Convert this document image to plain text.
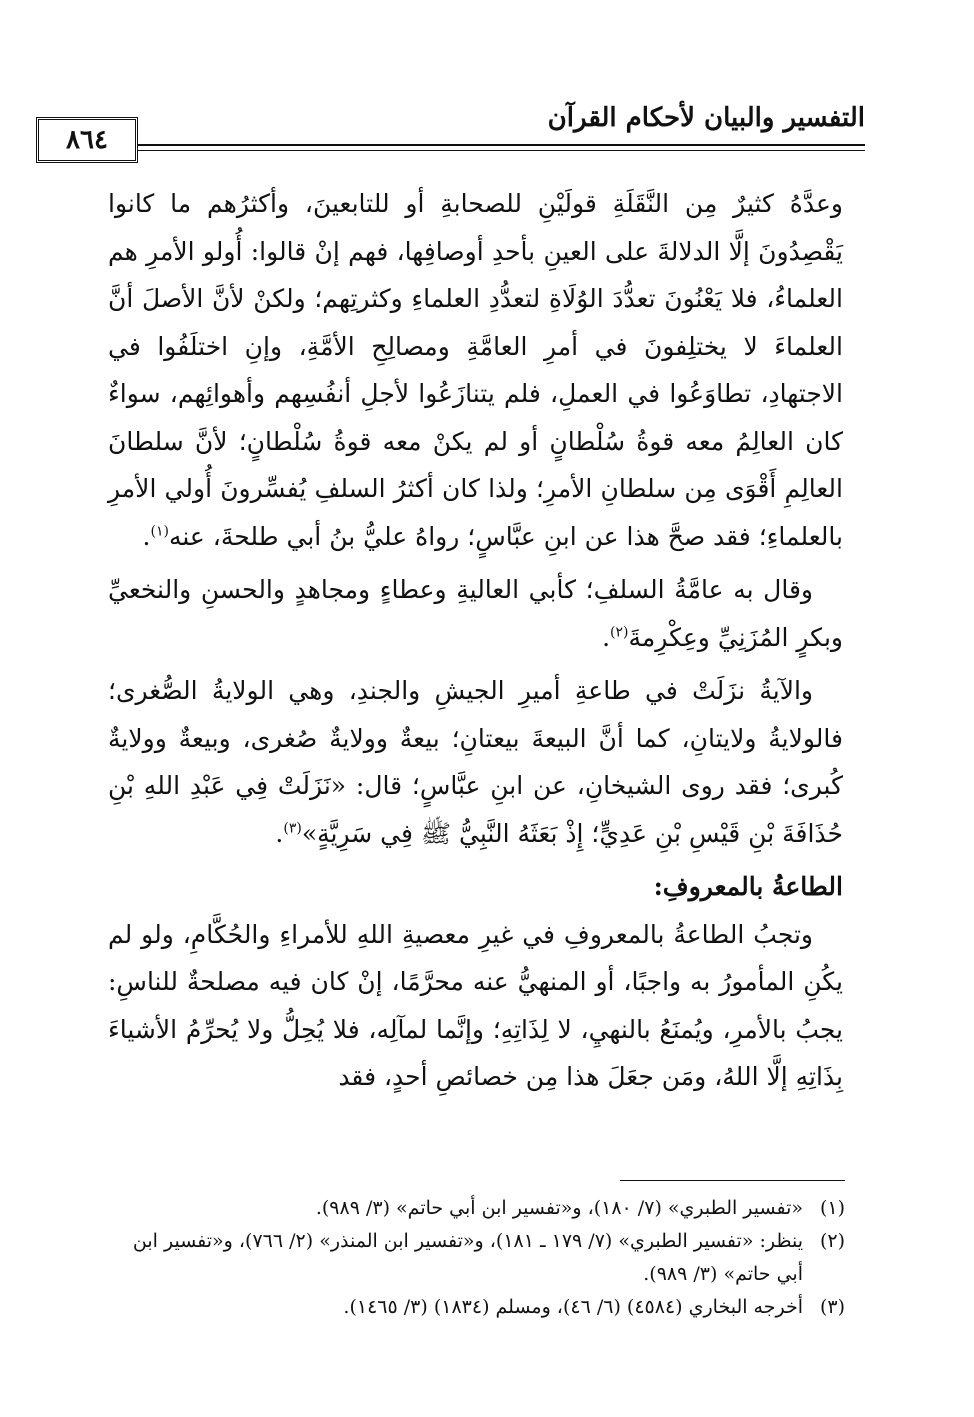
التفسير والبيان لأحكام القرآن
٨٦٤

وعدَّهُ كثيرٌ مِن النَّقَلَةِ قولَيْنِ للصحابةِ أو للتابعينَ، وأكثرُهم ما كانوا يَقْصِدُونَ إلَّا الدلالةَ على العينِ بأحدِ أوصافِها، فهم إنْ قالوا: أُولو الأمرِ هم العلماءُ، فلا يَعْنُونَ تعدُّدَ الوُلَاةِ لتعدُّدِ العلماءِ وكثرتِهم؛ ولكنْ لأنَّ الأصلَ أنَّ العلماءَ لا يختلِفونَ في أمرِ العامَّةِ ومصالِحِ الأمَّةِ، وإنِ اختلَفُوا في الاجتهادِ، تطاوَعُوا في العملِ، فلم يتنازَعُوا لأجلِ أنفُسِهم وأهوائِهم، سواءٌ كان العالِمُ معه قوةُ سُلْطانٍ أو لم يكنْ معه قوةُ سُلْطانٍ؛ لأنَّ سلطانَ العالِمِ أَقْوَى مِن سلطانِ الأمرِ؛ ولذا كان أكثرُ السلفِ يُفسِّرونَ أُولي الأمرِ بالعلماءِ؛ فقد صحَّ هذا عن ابنِ عبَّاسٍ؛ رواهُ عليُّ بنُ أبي طلحةَ، عنه$^{(١)}$.

وقال به عامَّةُ السلفِ؛ كأبي العاليةِ وعطاءٍ ومجاهدٍ والحسنِ والنخعيِّ وبكرٍ المُزَنِيِّ وعِكْرِمةَ$^{(٢)}$.

والآيةُ نزَلَتْ في طاعةِ أميرِ الجيشِ والجندِ، وهي الولايةُ الصُّغرى؛ فالولايةُ ولايتانِ، كما أنَّ البيعةَ بيعتانِ؛ بيعةٌ وولايةٌ صُغرى، وبيعةٌ وولايةٌ كُبرى؛ فقد روى الشيخانِ، عن ابنِ عبَّاسٍ؛ قال: «نَزَلَتْ فِي عَبْدِ اللهِ بْنِ حُذَافَةَ بْنِ قَيْسِ بْنِ عَدِيٍّ؛ إِذْ بَعَثَهُ النَّبِيُّ ﷺ فِي سَرِيَّةٍ»$^{(٣)}$.

الطاعةُ بالمعروفِ:

وتجبُ الطاعةُ بالمعروفِ في غيرِ معصيةِ اللهِ للأمراءِ والحُكَّامِ، ولو لم يكُنِ المأمورُ به واجبًا، أو المنهيُّ عنه محرَّمًا، إنْ كان فيه مصلحةٌ للناسِ: يجبُ بالأمرِ، ويُمنَعُ بالنهيِ، لا لِذَاتِهِ؛ وإنَّما لمآلِه، فلا يُحِلُّ ولا يُحرِّمُ الأشياءَ بِذَاتِهِ إلَّا اللهُ، ومَن جعَلَ هذا مِن خصائصِ أحدٍ، فقد

(١)
«تفسير الطبري» (٧/ ١٨٠)، و«تفسير ابن أبي حاتم» (٣/ ٩٨٩).

(٢)
ينظر: «تفسير الطبري» (٧/ ١٧٩ ـ ١٨١)، و«تفسير ابن المنذر» (٢/ ٧٦٦)، و«تفسير ابن أبي حاتم» (٣/ ٩٨٩).

(٣)
أخرجه البخاري (٤٥٨٤) (٦/ ٤٦)، ومسلم (١٨٣٤) (٣/ ١٤٦٥).
